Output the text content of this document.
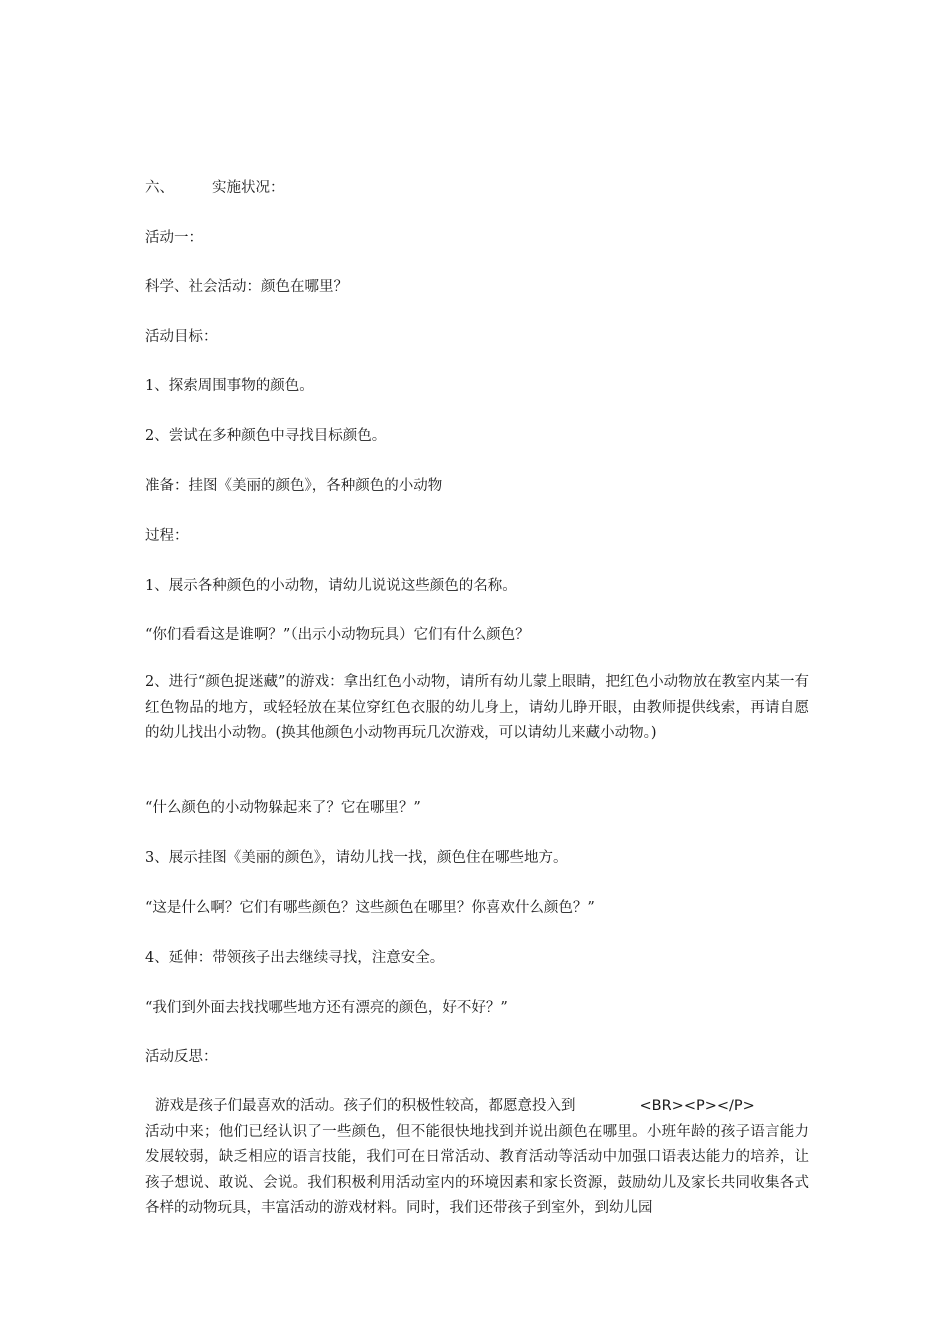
六、	实施状况：
活动一：
科学、社会活动：颜色在哪里？
活动目标：
1、探索周围事物的颜色。
2、尝试在多种颜色中寻找目标颜色。
准备：挂图《美丽的颜色》，各种颜色的小动物
过程：
1、展示各种颜色的小动物，请幼儿说说这些颜色的名称。
“你们看看这是谁啊？”（出示小动物玩具）它们有什么颜色？
2、进行“颜色捉迷藏”的游戏：拿出红色小动物，请所有幼儿蒙上眼睛，把红色小动物放在教室内某一有红色物品的地方，或轻轻放在某位穿红色衣服的幼儿身上，请幼儿睁开眼，由教师提供线索，再请自愿的幼儿找出小动物。(换其他颜色小动物再玩几次游戏，可以请幼儿来藏小动物。)
“什么颜色的小动物躲起来了？它在哪里？”
3、展示挂图《美丽的颜色》，请幼儿找一找，颜色住在哪些地方。
“这是什么啊？它们有哪些颜色？这些颜色在哪里？你喜欢什么颜色？”
4、延伸：带领孩子出去继续寻找，注意安全。
“我们到外面去找找哪些地方还有漂亮的颜色，好不好？”
活动反思：
游戏是孩子们最喜欢的活动。孩子们的积极性较高，都愿意投入到	<BR><P></P>
活动中来；他们已经认识了一些颜色，但不能很快地找到并说出颜色在哪里。小班年龄的孩子语言能力发展较弱，缺乏相应的语言技能，我们可在日常活动、教育活动等活动中加强口语表达能力的培养，让孩子想说、敢说、会说。我们积极利用活动室内的环境因素和家长资源，鼓励幼儿及家长共同收集各式各样的动物玩具，丰富活动的游戏材料。同时，我们还带孩子到室外，到幼儿园
